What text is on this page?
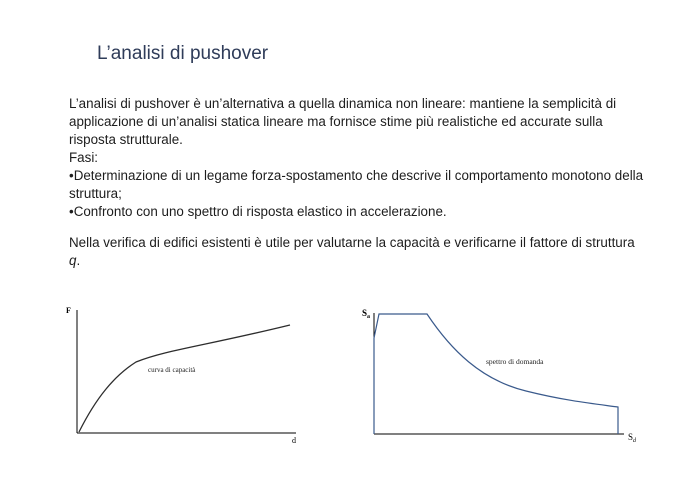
L’analisi di pushover

L’analisi di pushover è un’alternativa a quella dinamica non lineare: mantiene la semplicità di applicazione di un’analisi statica lineare ma fornisce stime più realistiche ed accurate sulla risposta strutturale.

Fasi:

•Determinazione di un legame forza-spostamento che descrive il comportamento monotono della struttura;

•Confronto con uno spettro di risposta elastico in accelerazione.

Nella verifica di edifici esistenti è utile per valutarne la capacità e verificarne il fattore di struttura q.

F
d
curva di capacità
$S_a$
$S_d$
spettro di domanda
